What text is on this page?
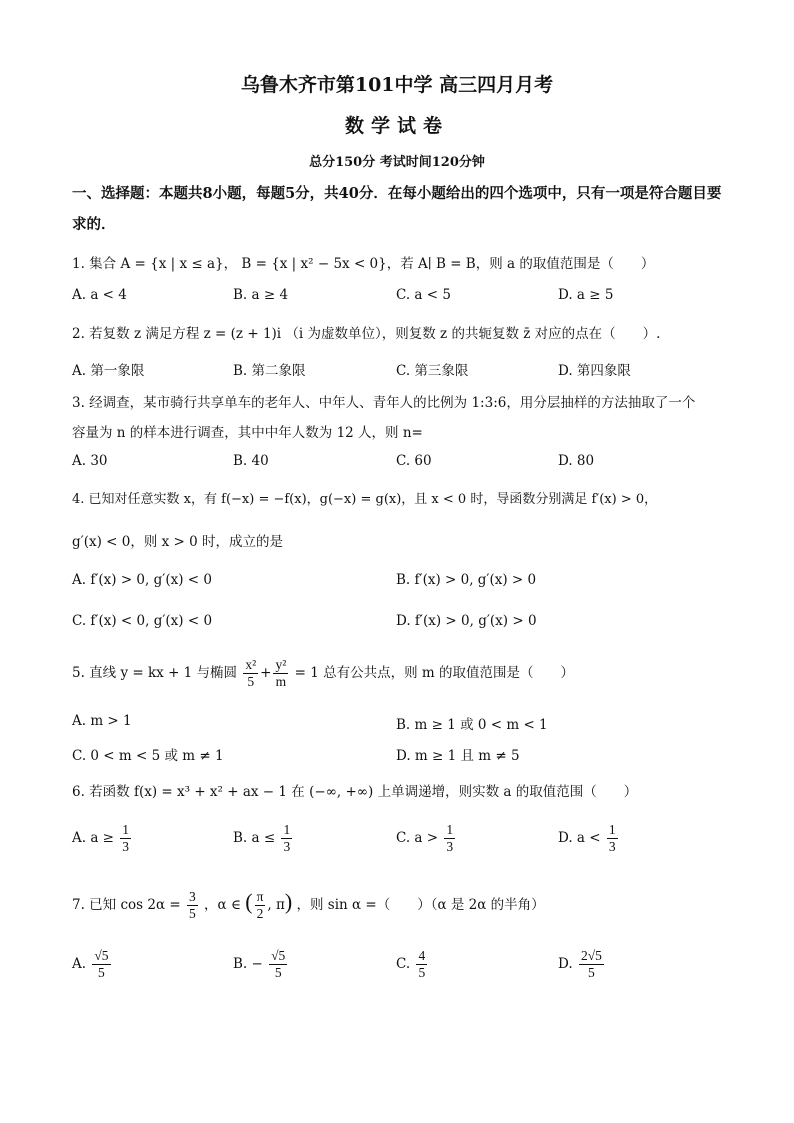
乌鲁木齐市第101中学 高三四月月考
数学试卷
总分150分 考试时间120分钟
一、选择题：本题共8小题，每题5分，共40分．在每小题给出的四个选项中，只有一项是符合题目要求的．
1. 集合 A = {x | x ≤ a}， B = {x | x² − 5x < 0}，若 A∣ B = B，则 a 的取值范围是（　　）
A. a < 4	B. a ≥ 4	C. a < 5	D. a ≥ 5
2. 若复数 z 满足方程 z = (z + 1)i （i 为虚数单位），则复数 z 的共轭复数 z̄ 对应的点在（　　）.
A. 第一象限	B. 第二象限	C. 第三象限	D. 第四象限
3. 经调查，某市骑行共享单车的老年人、中年人、青年人的比例为 1:3:6，用分层抽样的方法抽取了一个
容量为 n 的样本进行调查，其中中年人数为 12 人，则 n=
A. 30	B. 40	C. 60	D. 80
4. 已知对任意实数 x，有 f(−x) = −f(x)，g(−x) = g(x)，且 x < 0 时，导函数分别满足 f′(x) > 0，
g′(x) < 0，则 x > 0 时，成立的是
A. f′(x) > 0, g′(x) < 0	B. f′(x) > 0, g′(x) > 0
C. f′(x) < 0, g′(x) < 0	D. f′(x) > 0, g′(x) > 0
5. 直线 y = kx + 1 与椭圆 $\frac{\text{x²}}{5} + \frac{\text{y²}}{m} = 1$ 总有公共点，则 m 的取值范围是（　　）
A. m > 1	B. m ≥ 1 或 0 < m < 1
C. 0 < m < 5 或 m ≠ 1	D. m ≥ 1 且 m ≠ 5
6. 若函数 f(x) = x³ + x² + ax − 1 在 (−∞, +∞) 上单调递增，则实数 a 的取值范围（　　）
A. $a \ge \frac{1}{3}$	B. $a \le \frac{1}{3}$	C. $a > \frac{1}{3}$	D. $a < \frac{1}{3}$
7. 已知 $\cos 2\alpha = \frac{3}{5}$ ，α ∈ ( $\frac{\pi}{2}$ , π) ，则 sin α =（　　）（α 是 2α 的半角）
A. $\frac{√5}{5}$	B. − $\frac{√5}{5}$	C. $\frac{4}{5}$	D. $\frac{2√5}{5}$
